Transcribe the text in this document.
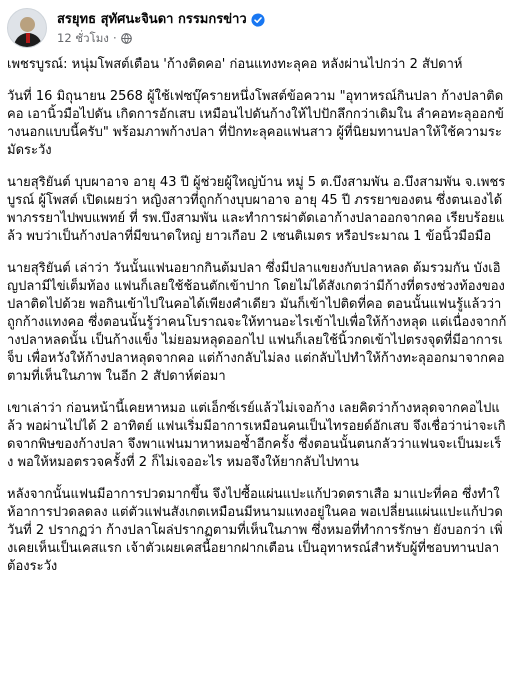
สรยุทธ สุทัศนะจินดา กรรมกรข่าว
12 ชั่วโมง ·

เพชรบูรณ์: หนุ่มโพสต์เตือน 'ก้างติดคอ' ก่อนแทงทะลุคอ หลังผ่านไปกว่า 2 สัปดาห์

วันที่ 16 มิถุนายน 2568 ผู้ใช้เฟซบุ๊ครายหนึ่งโพสต์ข้อความ "อุทาหรณ์กินปลา ก้างปลาติดคอ เอานิ้วมือไปดัน เกิดการอักเสบ เหมือนไปดันก้างให้ไปปักลึกกว่าเดิมใน ลำคอทะลุออกข้างนอกแบบนี้ครับ" พร้อมภาพก้างปลา ที่ปักทะลุคอแฟนสาว ผู้ที่นิยมทานปลาให้ใช้ความระมัดระวัง

นายสุริยันต์ บุบผาอาจ อายุ 43 ปี ผู้ช่วยผู้ใหญ่บ้าน หมู่ 5 ต.บึงสามพัน อ.บึงสามพัน จ.เพชรบูรณ์ ผู้โพสต์ เปิดเผยว่า หญิงสาวที่ถูกก้างบุบผาอาจ อายุ 45 ปี ภรรยาของตน ซึ่งตนเองได้พาภรรยาไปพบแพทย์ ที่ รพ.บึงสามพัน และทำการผ่าตัดเอาก้างปลาออกจากคอ เรียบร้อยแล้ว พบว่าเป็นก้างปลาที่มีขนาดใหญ่ ยาวเกือบ 2 เซนติเมตร หรือประมาณ 1 ข้อนิ้วมือมือ

นายสุริยันต์ เล่าว่า วันนั้นแฟนอยากกินต้มปลา ซึ่งมีปลาแขยงกับปลาหลด ต้มรวมกัน บังเอิญปลามีไข่เต็มท้อง แฟนก็เลยใช้ช้อนตักเข้าปาก โดยไม่ได้สังเกตว่ามีก้างที่ตรงช่วงท้องของปลาติดไปด้วย พอกินเข้าไปในคอได้เพียงคำเดียว มันก็เข้าไปติดที่คอ ตอนนั้นแฟนรู้แล้วว่า ถูกก้างแทงคอ ซึ่งตอนนั้นรู้ว่าคนโบราณจะให้ทานอะไรเข้าไปเพื่อให้ก้างหลุด แต่เนื่องจากก้างปลาหลดนั้น เป็นก้างแข็ง ไม่ยอมหลุดออกไป แฟนก็เลยใช้นิ้วกดเข้าไปตรงจุดที่มีอาการเจ็บ เพื่อหวังให้ก้างปลาหลุดจากคอ แต่ก้างกลับไม่ลง แต่กลับไปทำให้ก้างทะลุออกมาจากคอตามที่เห็นในภาพ ในอีก 2 สัปดาห์ต่อมา

เขาเล่าว่า ก่อนหน้านี้เคยหาหมอ แต่เอ็กซ์เรย์แล้วไม่เจอก้าง เลยคิดว่าก้างหลุดจากคอไปแล้ว พอผ่านไปได้ 2 อาทิตย์ แฟนเริ่มมีอาการเหมือนคนเป็นไทรอยด์อักเสบ จึงเชื่อว่าน่าจะเกิดจากพิษของก้างปลา จึงพาแฟนมาหาหมอซ้ำอีกครั้ง ซึ่งตอนนั้นตนกลัวว่าแฟนจะเป็นมะเร็ง พอให้หมอตรวจครั้งที่ 2 ก็ไม่เจออะไร หมอจึงให้ยากลับไปทาน

หลังจากนั้นแฟนมีอาการปวดมากขึ้น จึงไปซื้อแผ่นแปะแก้ปวดตราเสือ มาแปะที่คอ ซึ่งทำให้อาการปวดลดลง แต่ตัวแฟนสังเกตเหมือนมีหนามแทงอยู่ในคอ พอเปลี่ยนแผ่นแปะแก้ปวด วันที่ 2 ปรากฏว่า ก้างปลาโผล่ปรากฏตามที่เห็นในภาพ ซึ่งหมอที่ทำการรักษา ยังบอกว่า เพิ่งเคยเห็นเป็นเคสแรก เจ้าตัวเผยเคสนี้อยากฝากเตือน เป็นอุทาหรณ์สำหรับผู้ที่ชอบทานปลาต้องระวัง
